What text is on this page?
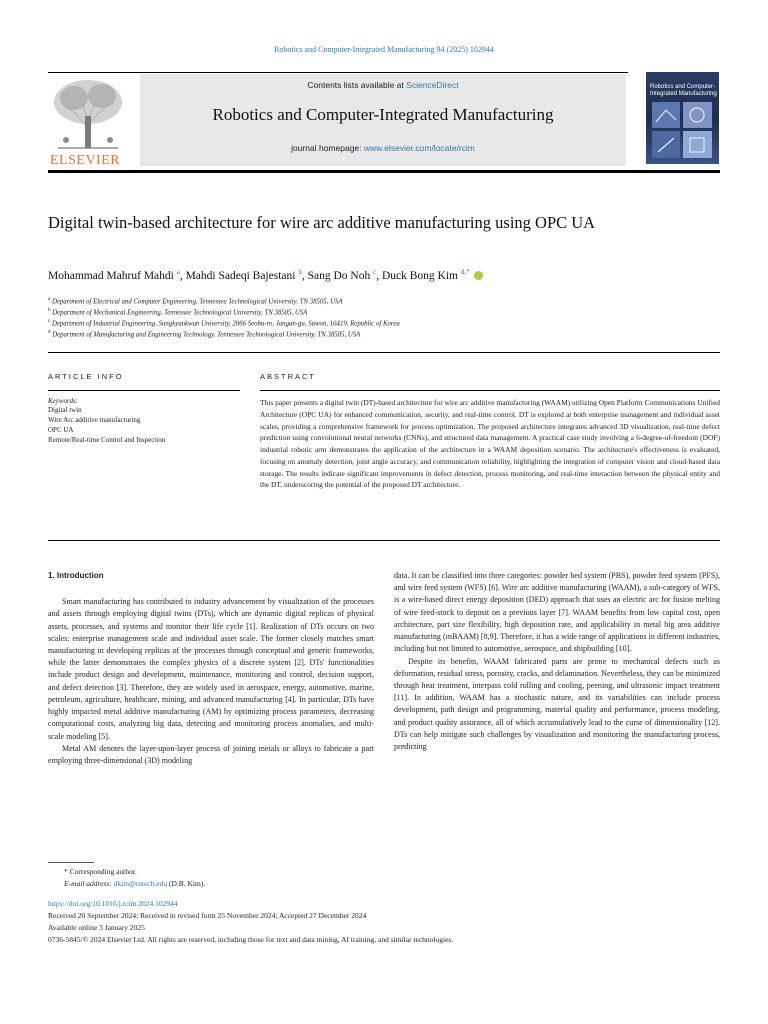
Robotics and Computer-Integrated Manufacturing 94 (2025) 102944
ELSEVIER
Contents lists available at ScienceDirect
Robotics and Computer-Integrated Manufacturing
journal homepage: www.elsevier.com/locate/rcim
Robotics and Computer-Integrated Manufacturing
Digital twin-based architecture for wire arc additive manufacturing using OPC UA
Mohammad Mahruf Mahdi $^a$, Mahdi Sadeqi Bajestani $^b$, Sang Do Noh $^c$, Duck Bong Kim $^{d,*}$
$^a$ Department of Electrical and Computer Engineering, Tennessee Technological University, TN 38505, USA
$^b$ Department of Mechanical Engineering, Tennessee Technological University, TN 38505, USA
$^c$ Department of Industrial Engineering, Sungkyunkwan University, 2066 Seobu-ro, Jangan-gu, Suwon, 16419, Republic of Korea
$^d$ Department of Manufacturing and Engineering Technology, Tennessee Technological University, TN 38505, USA
ARTICLE INFO	ABSTRACT
Keywords:
Digital twin
Wire Arc additive manufacturing
OPC UA
Remote/Real-time Control and Inspection
This paper presents a digital twin (DT)-based architecture for wire arc additive manufacturing (WAAM) utilizing Open Platform Communications Unified Architecture (OPC UA) for enhanced communication, security, and real-time control. DT is explored at both enterprise management and individual asset scales, providing a comprehensive framework for process optimization. The proposed architecture integrates advanced 3D visualization, real-time defect prediction using convolutional neural networks (CNNs), and structured data management. A practical case study involving a 6-degree-of-freedom (DOF) industrial robotic arm demonstrates the application of the architecture in a WAAM deposition scenario. The architecture's effectiveness is evaluated, focusing on anomaly detection, joint angle accuracy, and communication reliability, highlighting the integration of computer vision and cloud-based data storage. The results indicate significant improvements in defect detection, process monitoring, and real-time interaction between the physical entity and the DT, underscoring the potential of the proposed DT architecture.
1. Introduction

Smart manufacturing has contributed to industry advancement by visualization of the processes and assets through employing digital twins (DTs), which are dynamic digital replicas of physical assets, processes, and systems and monitor their life cycle [1]. Realization of DTs occurs on two scales: enterprise management scale and individual asset scale. The former closely matches smart manufacturing in developing replicas of the processes through conceptual and generic frameworks, while the latter demonstrates the complex physics of a discrete system [2]. DTs' functionalities include product design and development, maintenance, monitoring and control, decision support, and defect detection [3]. Therefore, they are widely used in aerospace, energy, automotive, marine, petroleum, agriculture, healthcare, mining, and advanced manufacturing [4]. In particular, DTs have highly impacted metal additive manufacturing (AM) by optimizing process parameters, decreasing computational costs, analyzing big data, detecting and monitoring process anomalies, and multi-scale modeling [5].

Metal AM denotes the layer-upon-layer process of joining metals or alloys to fabricate a part employing three-dimensional (3D) modeling

data. It can be classified into three categories: powder bed system (PBS), powder feed system (PFS), and wire feed system (WFS) [6]. Wire arc additive manufacturing (WAAM), a sub-category of WFS, is a wire-based direct energy deposition (DED) approach that uses an electric arc for fusion melting of wire feed-stock to deposit on a previous layer [7]. WAAM benefits from low capital cost, open architecture, part size flexibility, high deposition rate, and applicability in metal big area additive manufacturing (mBAAM) [8,9]. Therefore, it has a wide range of applications in different industries, including but not limited to automotive, aerospace, and shipbuilding [10].

Despite its benefits, WAAM fabricated parts are prone to mechanical defects such as deformation, residual stress, porosity, cracks, and delamination. Nevertheless, they can be minimized through heat treatment, interpass cold rolling and cooling, peening, and ultrasonic impact treatment [11]. In addition, WAAM has a stochastic nature, and its variabilities can include process development, path design and programming, material quality and performance, process modeling, and product quality assurance, all of which accumulatively lead to the curse of dimensionality [12]. DTs can help mitigate such challenges by visualization and monitoring the manufacturing process, predicting

* Corresponding author.
E-mail address: dkim@tntech.edu (D.B. Kim).
https://doi.org/10.1016/j.rcim.2024.102944
Received 20 September 2024; Received in revised form 25 November 2024; Accepted 27 December 2024
Available online 3 January 2025
0736-5845/© 2024 Elsevier Ltd. All rights are reserved, including those for text and data mining, AI training, and similar technologies.
